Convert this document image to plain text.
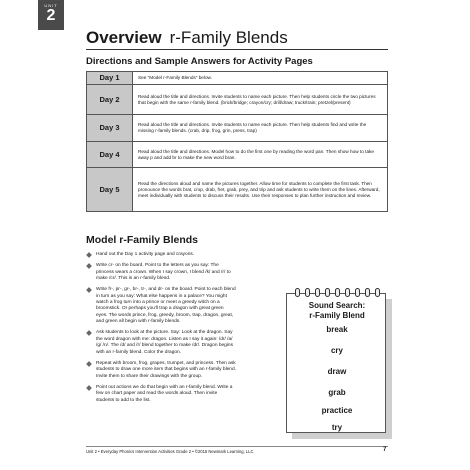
UNIT
2
Overview r-Family Blends
Directions and Sample Answers for Activity Pages
Day 1	See “Model r-Family Blends” below.
Day 2	Read aloud the title and directions. Invite students to name each picture. Then help students circle the two pictures that begin with the same r-family blend. (brick/bridge; crayon/cry; drill/draw; truck/train; pretzel/present)
Day 3	Read aloud the title and directions. Invite students to name each picture. Then help students find and write the missing r-family blends. (crab, drip, frog, grin, press, trap)
Day 4	Read aloud the title and directions. Model how to do the first one by reading the word pan. Then show how to take away p and add br to make the new word bran.
Day 5	Read the directions aloud and name the pictures together. Allow time for students to complete the first task. Then pronounce the words brat, crop, drab, fret, grab, prey, and trip and ask students to write them on the lines. Afterward, meet individually with students to discuss their results. Use their responses to plan further instruction and review.
Model r-Family Blends
Hand out the Day 1 activity page and crayons.
Write cr- on the board. Point to the letters as you say: The princess wears a crown. When I say crown, I blend /k/ and /r/ to make /cr/. This is an r-family blend.
Write fr-, pr-, gr-, br-, tr-, and dr- on the board. Point to each blend in turn as you say: What else happens in a palace? You might watch a frog turn into a prince or meet a greedy witch on a broomstick. Or perhaps you'll trap a dragon with great green eyes. The words prince, frog, greedy, broom, trap, dragon, great, and green all begin with r-family blends.
Ask students to look at the picture. Say: Look at the dragon. Say the word dragon with me: dragon. Listen as I say it again: /dr/ /a/ /g/ /n/. The /d/ and /r/ blend together to make /dr/. Dragon begins with an r-family blend. Color the dragon.
Repeat with broom, frog, grapes, trumpet, and princess. Then ask students to draw one more item that begins with an r-family blend. Invite them to share their drawings with the group.
Point out actions we do that begin with an r-family blend. Write a few on chart paper and read the words aloud. Then invite students to add to the list.
Sound Search:
r-Family Blend
break
cry
draw
grab
practice
try
Unit 2 • Everyday Phonics Intervention Activities Grade 2 • ©2015 Newmark Learning, LLC	7
